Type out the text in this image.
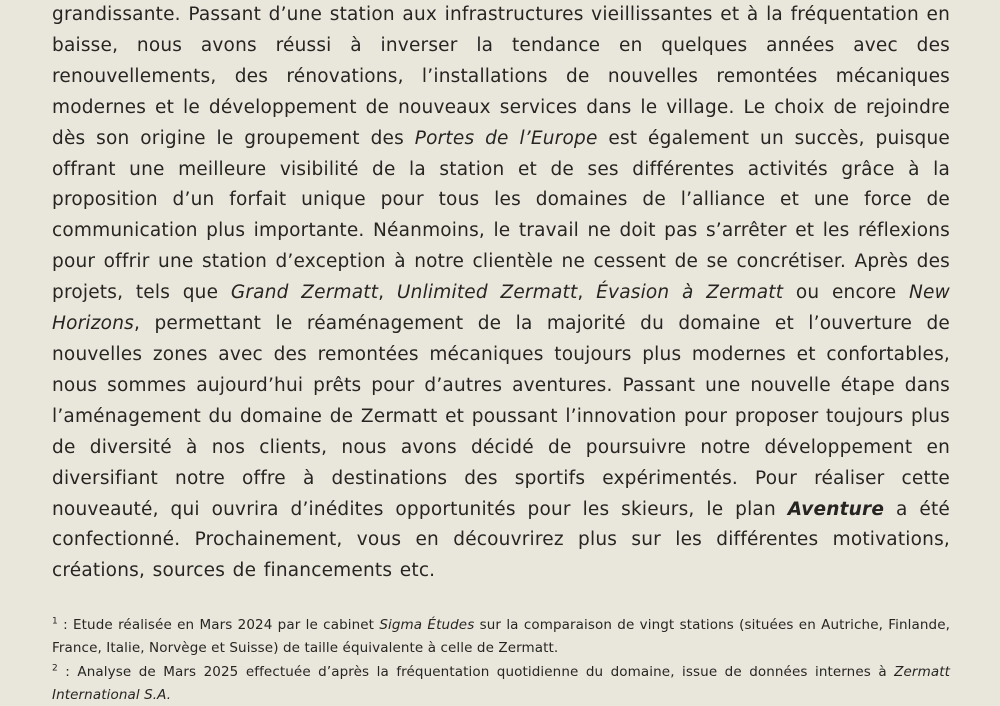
grandissante. Passant d’une station aux infrastructures vieillissantes et à la fréquentation en baisse, nous avons réussi à inverser la tendance en quelques années avec des renouvellements, des rénovations, l’installations de nouvelles remontées mécaniques modernes et le développement de nouveaux services dans le village. Le choix de rejoindre dès son origine le groupement des Portes de l’Europe est également un succès, puisque offrant une meilleure visibilité de la station et de ses différentes activités grâce à la proposition d’un forfait unique pour tous les domaines de l’alliance et une force de communication plus importante. Néanmoins, le travail ne doit pas s’arrêter et les réflexions pour offrir une station d’exception à notre clientèle ne cessent de se concrétiser. Après des projets, tels que Grand Zermatt, Unlimited Zermatt, Évasion à Zermatt ou encore New Horizons, permettant le réaménagement de la majorité du domaine et l’ouverture de nouvelles zones avec des remontées mécaniques toujours plus modernes et confortables, nous sommes aujourd’hui prêts pour d’autres aventures. Passant une nouvelle étape dans l’aménagement du domaine de Zermatt et poussant l’innovation pour proposer toujours plus de diversité à nos clients, nous avons décidé de poursuivre notre développement en diversifiant notre offre à destinations des sportifs expérimentés. Pour réaliser cette nouveauté, qui ouvrira d’inédites opportunités pour les skieurs, le plan Aventure a été confectionné. Prochainement, vous en découvrirez plus sur les différentes motivations, créations, sources de financements etc.

$^1$ : Etude réalisée en Mars 2024 par le cabinet Sigma Études sur la comparaison de vingt stations (situées en Autriche, Finlande, France, Italie, Norvège et Suisse) de taille équivalente à celle de Zermatt.

$^2$ : Analyse de Mars 2025 effectuée d’après la fréquentation quotidienne du domaine, issue de données internes à Zermatt International S.A.
